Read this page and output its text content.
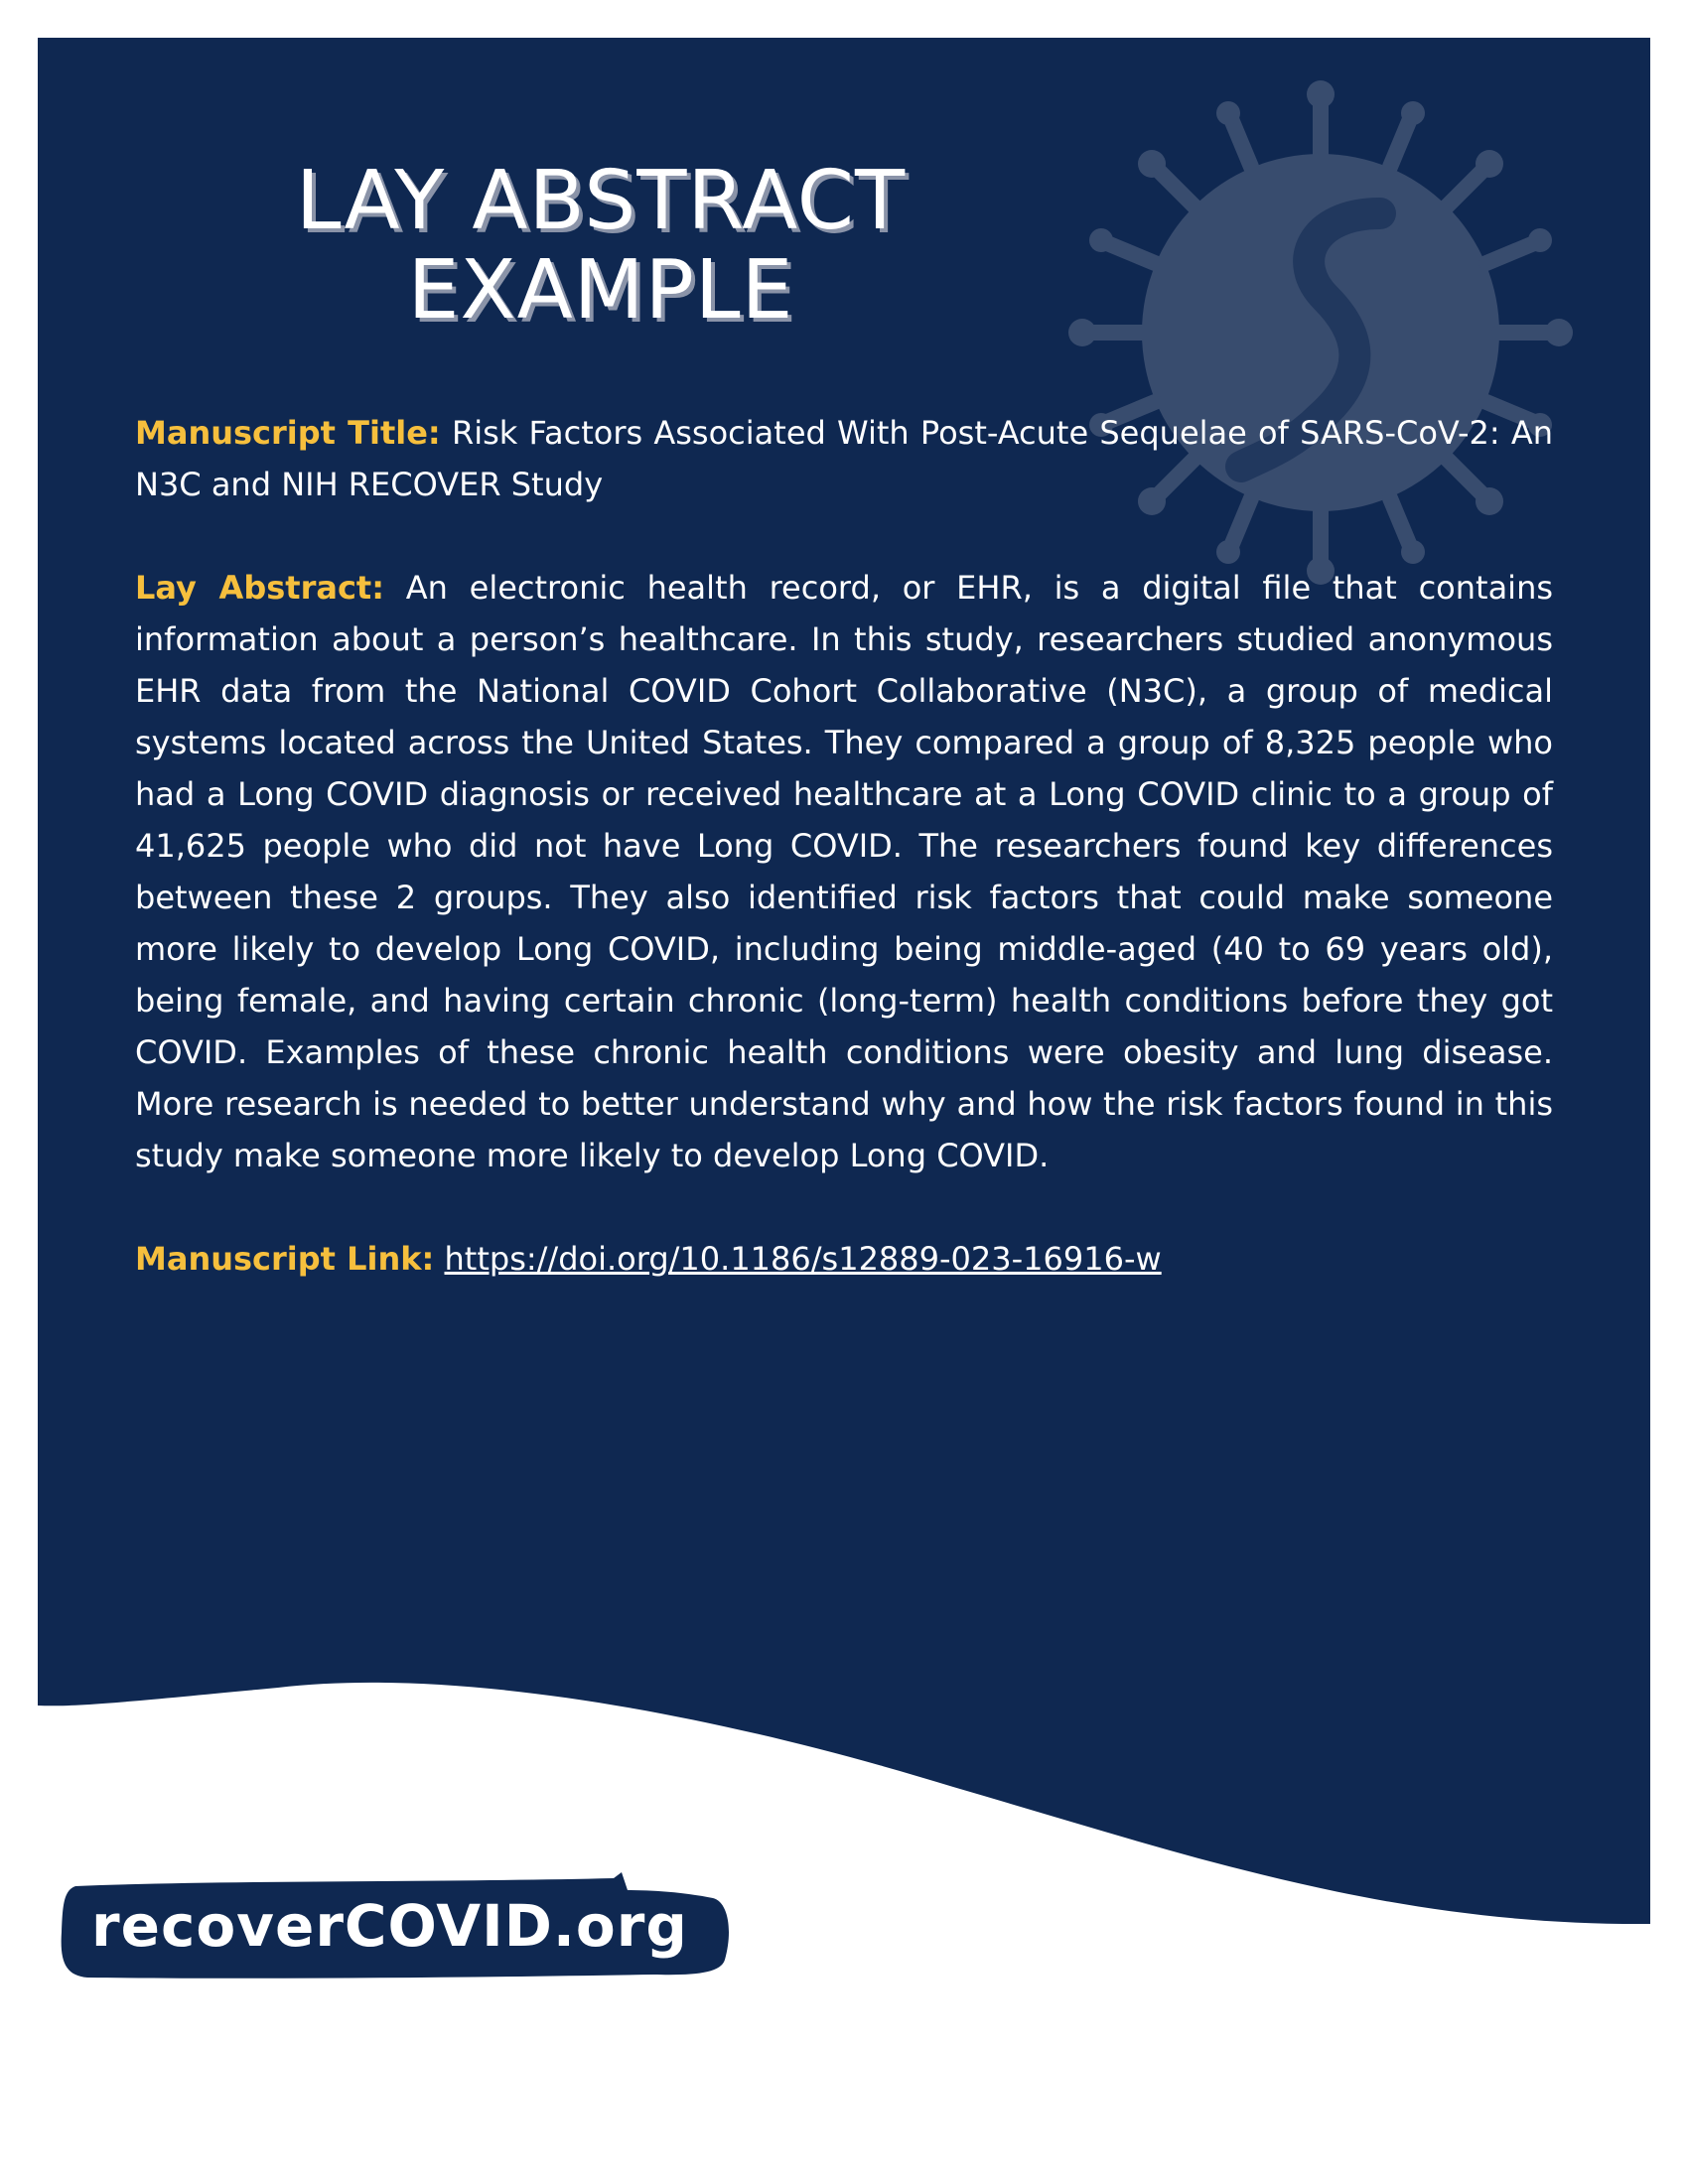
LAY ABSTRACT
EXAMPLE

Manuscript Title: Risk Factors Associated With Post-Acute Sequelae of SARS-CoV-2: An N3C and NIH RECOVER Study

Lay Abstract: An electronic health record, or EHR, is a digital file that contains information about a person’s healthcare. In this study, researchers studied anonymous EHR data from the National COVID Cohort Collaborative (N3C), a group of medical systems located across the United States. They compared a group of 8,325 people who had a Long COVID diagnosis or received healthcare at a Long COVID clinic to a group of 41,625 people who did not have Long COVID. The researchers found key differences between these 2 groups. They also identified risk factors that could make someone more likely to develop Long COVID, including being middle-aged (40 to 69 years old), being female, and having certain chronic (long-term) health conditions before they got COVID. Examples of these chronic health conditions were obesity and lung disease. More research is needed to better understand why and how the risk factors found in this study make someone more likely to develop Long COVID.

Manuscript Link: https://doi.org/10.1186/s12889-023-16916-w

recoverCOVID.org
